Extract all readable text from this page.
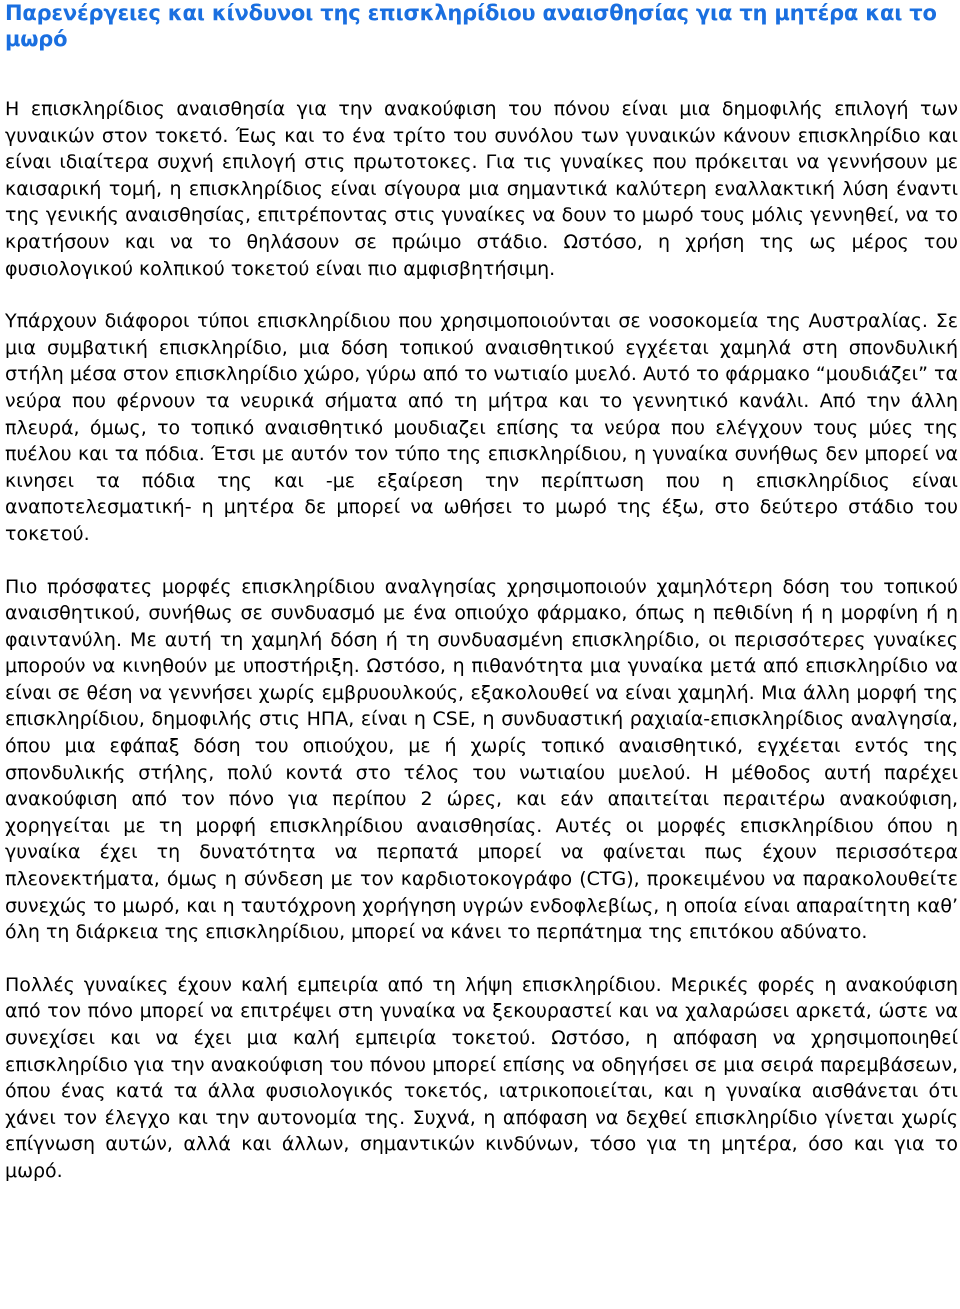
Παρενέργειες και κίνδυνοι της επισκληρίδιου αναισθησίας για τη μητέρα και το μωρό

Η επισκληρίδιος αναισθησία για την ανακούφιση του πόνου είναι μια δημοφιλής επιλογή των γυναικών στον τοκετό. Έως και το ένα τρίτο του συνόλου των γυναικών κάνουν επισκληρίδιο και είναι ιδιαίτερα συχνή επιλογή στις πρωτοτοκες. Για τις γυναίκες που πρόκειται να γεννήσουν με καισαρική τομή, η επισκληρίδιος είναι σίγουρα μια σημαντικά καλύτερη εναλλακτική λύση έναντι της γενικής αναισθησίας, επιτρέποντας στις γυναίκες να δουν το μωρό τους μόλις γεννηθεί, να το κρατήσουν και να το θηλάσουν σε πρώιμο στάδιο. Ωστόσο, η χρήση της ως μέρος του φυσιολογικού κολπικού τοκετού είναι πιο αμφισβητήσιμη.

Υπάρχουν διάφοροι τύποι επισκληρίδιου που χρησιμοποιούνται σε νοσοκομεία της Αυστραλίας. Σε μια συμβατική επισκληρίδιο, μια δόση τοπικού αναισθητικού εγχέεται χαμηλά στη σπονδυλική στήλη μέσα στον επισκληρίδιο χώρο, γύρω από το νωτιαίο μυελό. Αυτό το φάρμακο “μουδιάζει” τα νεύρα που φέρνουν τα νευρικά σήματα από τη μήτρα και το γεννητικό κανάλι. Από την άλλη πλευρά, όμως, το τοπικό αναισθητικό μουδιαζει επίσης τα νεύρα που ελέγχουν τους μύες της πυέλου και τα πόδια. Έτσι με αυτόν τον τύπο της επισκληρίδιου, η γυναίκα συνήθως δεν μπορεί να κινησει τα πόδια της και -με εξαίρεση την περίπτωση που η επισκληρίδιος είναι αναποτελεσματική- η μητέρα δε μπορεί να ωθήσει το μωρό της έξω, στο δεύτερο στάδιο του τοκετού.

Πιο πρόσφατες μορφές επισκληρίδιου αναλγησίας χρησιμοποιούν χαμηλότερη δόση του τοπικού αναισθητικού, συνήθως σε συνδυασμό με ένα οπιούχο φάρμακο, όπως η πεθιδίνη ή η μορφίνη ή η φαιντανύλη. Με αυτή τη χαμηλή δόση ή τη συνδυασμένη επισκληρίδιο, οι περισσότερες γυναίκες μπορούν να κινηθούν με υποστήριξη. Ωστόσο, η πιθανότητα μια γυναίκα μετά από επισκληρίδιο να είναι σε θέση να γεννήσει χωρίς εμβρυουλκούς, εξακολουθεί να είναι χαμηλή. Μια άλλη μορφή της επισκληρίδιου, δημοφιλής στις ΗΠΑ, είναι η CSE, η συνδυαστική ραχιαία-επισκληρίδιος αναλγησία, όπου μια εφάπαξ δόση του οπιούχου, με ή χωρίς τοπικό αναισθητικό, εγχέεται εντός της σπονδυλικής στήλης, πολύ κοντά στο τέλος του νωτιαίου μυελού. Η μέθοδος αυτή παρέχει ανακούφιση από τον πόνο για περίπου 2 ώρες, και εάν απαιτείται περαιτέρω ανακούφιση, χορηγείται με τη μορφή επισκληρίδιου αναισθησίας. Αυτές οι μορφές επισκληρίδιου όπου η γυναίκα έχει τη δυνατότητα να περπατά μπορεί να φαίνεται πως έχουν περισσότερα πλεονεκτήματα, όμως η σύνδεση με τον καρδιοτοκογράφο (CTG), προκειμένου να παρακολουθείτε συνεχώς το μωρό, και η ταυτόχρονη χορήγηση υγρών ενδοφλεβίως, η οποία είναι απαραίτητη καθ’ όλη τη διάρκεια της επισκληρίδιου, μπορεί να κάνει το περπάτημα της επιτόκου αδύνατο.

Πολλές γυναίκες έχουν καλή εμπειρία από τη λήψη επισκληρίδιου. Μερικές φορές η ανακούφιση από τον πόνο μπορεί να επιτρέψει στη γυναίκα να ξεκουραστεί και να χαλαρώσει αρκετά, ώστε να συνεχίσει και να έχει μια καλή εμπειρία τοκετού. Ωστόσο, η απόφαση να χρησιμοποιηθεί επισκληρίδιο για την ανακούφιση του πόνου μπορεί επίσης να οδηγήσει σε μια σειρά παρεμβάσεων, όπου ένας κατά τα άλλα φυσιολογικός τοκετός, ιατρικοποιείται, και η γυναίκα αισθάνεται ότι χάνει τον έλεγχο και την αυτονομία της. Συχνά, η απόφαση να δεχθεί επισκληρίδιο γίνεται χωρίς επίγνωση αυτών, αλλά και άλλων, σημαντικών κινδύνων, τόσο για τη μητέρα, όσο και για το μωρό.
